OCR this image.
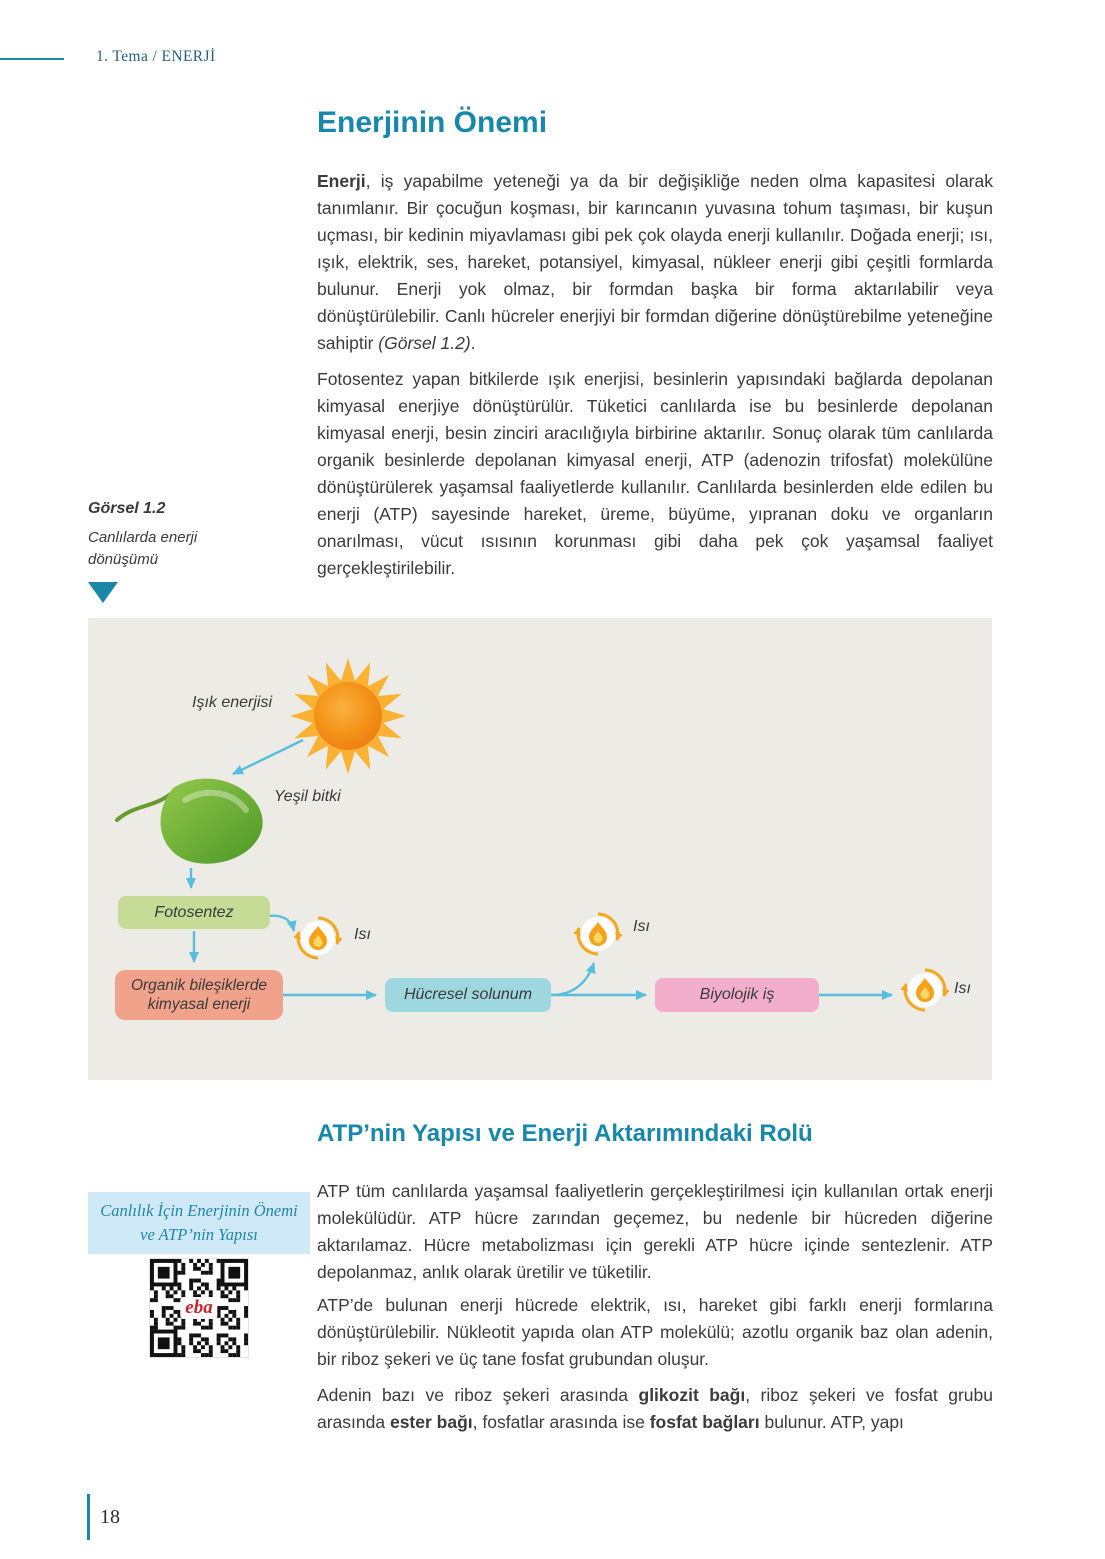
1. Tema / ENERJİ
Enerjinin Önemi

Enerji, iş yapabilme yeteneği ya da bir değişikliğe neden olma kapasitesi olarak tanımlanır. Bir çocuğun koşması, bir karıncanın yuvasına tohum taşıması, bir kuşun uçması, bir kedinin miyavlaması gibi pek çok olayda enerji kullanılır. Doğada enerji; ısı, ışık, elektrik, ses, hareket, potansiyel, kimyasal, nükleer enerji gibi çeşitli formlarda bulunur. Enerji yok olmaz, bir formdan başka bir forma aktarılabilir veya dönüştürülebilir. Canlı hücreler enerjiyi bir formdan diğerine dönüştürebilme yeteneğine sahiptir (Görsel 1.2).

Fotosentez yapan bitkilerde ışık enerjisi, besinlerin yapısındaki bağlarda depolanan kimyasal enerjiye dönüştürülür. Tüketici canlılarda ise bu besinlerde depolanan kimyasal enerji, besin zinciri aracılığıyla birbirine aktarılır. Sonuç olarak tüm canlılarda organik besinlerde depolanan kimyasal enerji, ATP (adenozin trifosfat) molekülüne dönüştürülerek yaşamsal faaliyetlerde kullanılır. Canlılarda besinlerden elde edilen bu enerji (ATP) sayesinde hareket, üreme, büyüme, yıpranan doku ve organların onarılması, vücut ısısının korunması gibi daha pek çok yaşamsal faaliyet gerçekleştirilebilir.

Görsel 1.2
Canlılarda enerji dönüşümü
Işık enerjisi
Yeşil bitki
Fotosentez
Organik bileşiklerde kimyasal enerji
Hücresel solunum	Biyolojik iş
Isı	Isı
Isı
ATP’nin Yapısı ve Enerji Aktarımındaki Rolü

ATP tüm canlılarda yaşamsal faaliyetlerin gerçekleştirilmesi için kullanılan ortak enerji molekülüdür. ATP hücre zarından geçemez, bu nedenle bir hücreden diğerine aktarılamaz. Hücre metabolizması için gerekli ATP hücre içinde sentezlenir. ATP depolanmaz, anlık olarak üretilir ve tüketilir.

ATP’de bulunan enerji hücrede elektrik, ısı, hareket gibi farklı enerji formlarına dönüştürülebilir. Nükleotit yapıda olan ATP molekülü; azotlu organik baz olan adenin, bir riboz şekeri ve üç tane fosfat grubundan oluşur.

Adenin bazı ve riboz şekeri arasında glikozit bağı, riboz şekeri ve fosfat grubu arasında ester bağı, fosfatlar arasında ise fosfat bağları bulunur. ATP, yapı

Canlılık İçin Enerjinin Önemi ve ATP’nin Yapısı
eba
18
